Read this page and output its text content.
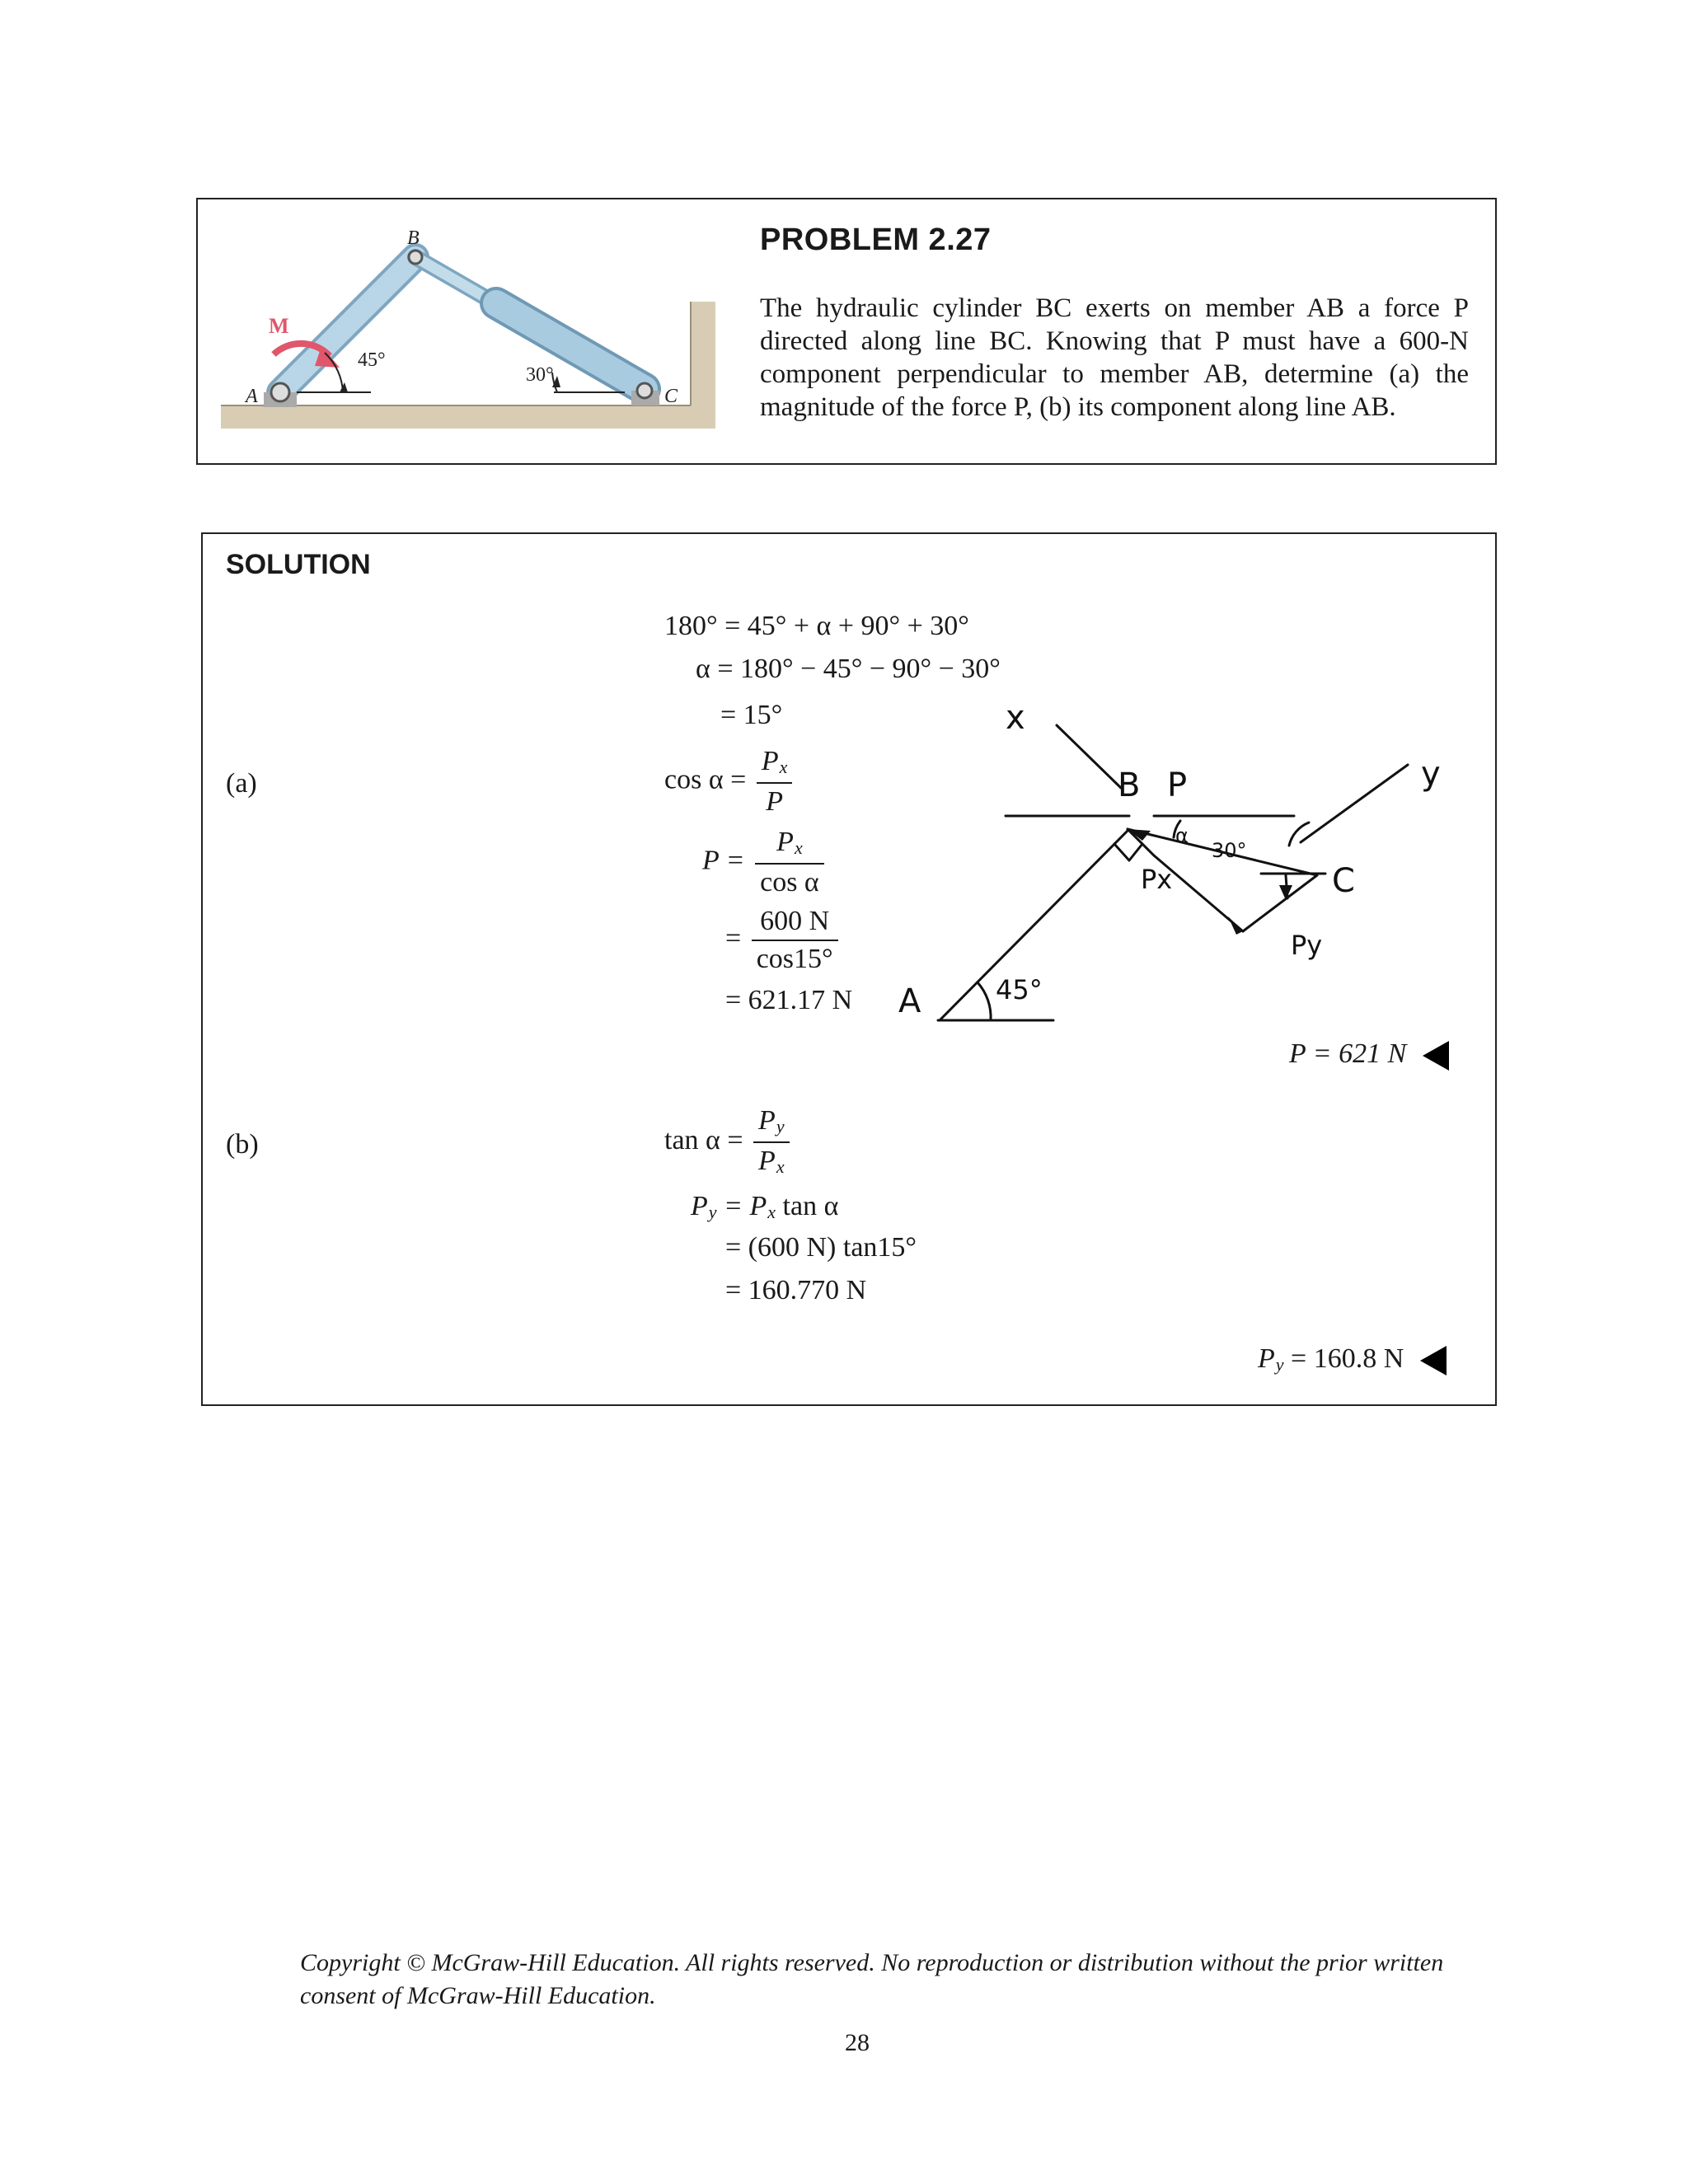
B
A	C
M
45°
30°
PROBLEM 2.27
The hydraulic cylinder BC exerts on member AB a force P directed along line BC. Knowing that P must have a 600-N component perpendicular to member AB, determine (a) the magnitude of the force P, (b) its component along line AB.
SOLUTION
180° = 45° + α + 90° + 30°
α = 180° − 45° − 90° − 30°
= 15°
(a)	$\cos \alpha = \frac{P_x}{P}$
$P = \frac{P_x}{\text{cos α}}$
= $\frac{600 N}{\cos 15^\circ}$
= 621.17 N
x
y
B P
C
A
Px
Py
45°
30°
α
P = 621 N
(b)	$\tan \alpha = \frac{P_y}{P_x}$
$P_y = P_x$ tan α
= (600 N) tan15°
= 160.770 N
$P_y = 160.8$ N
Copyright © McGraw-Hill Education. All rights reserved. No reproduction or distribution without the prior written consent of McGraw-Hill Education.
28
